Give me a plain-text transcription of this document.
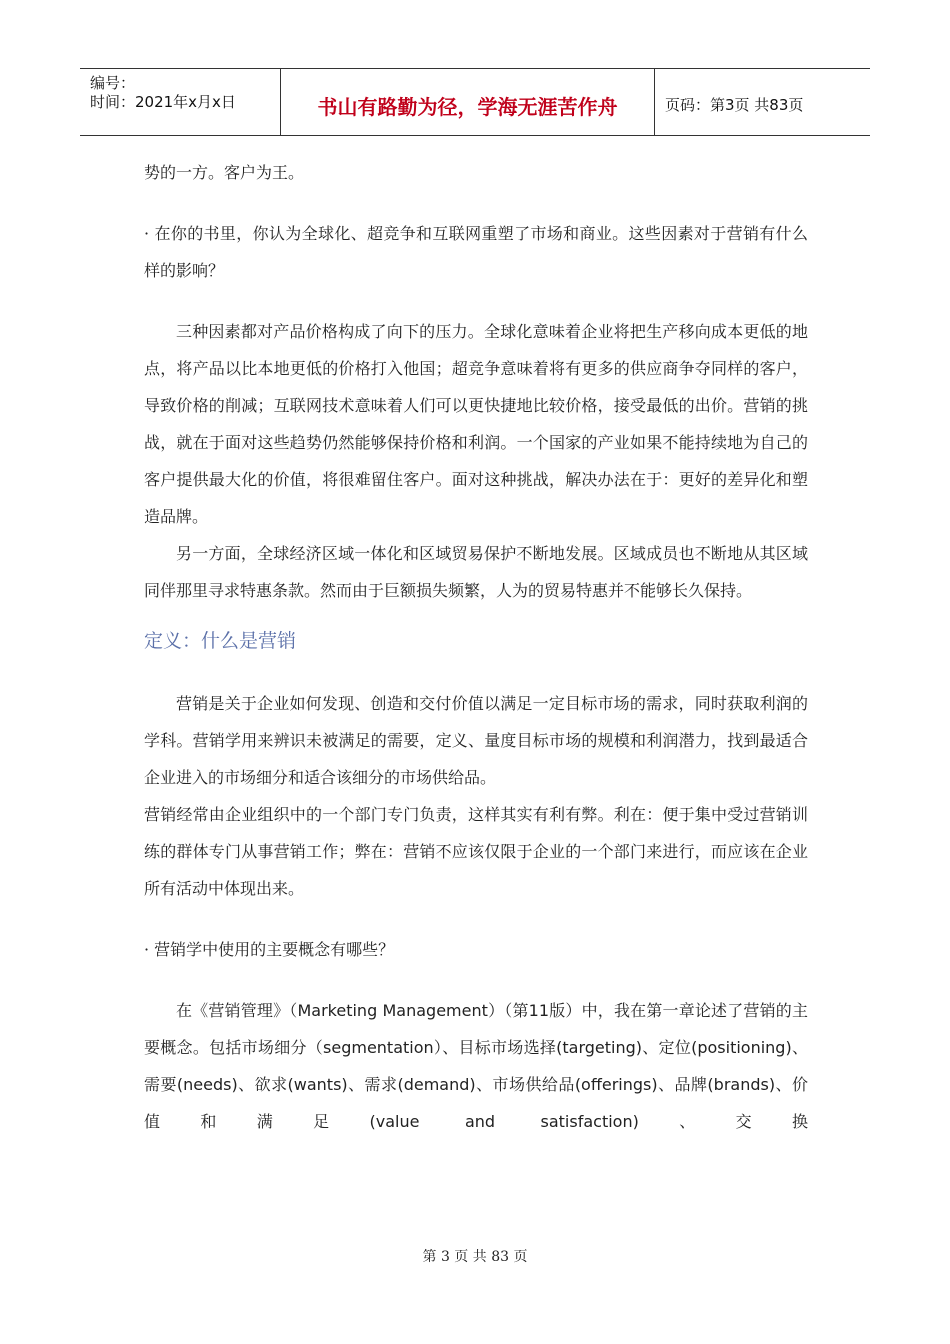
编号：
时间：2021年x月x日	书山有路勤为径，学海无涯苦作舟	页码：第3页 共83页

势的一方。客户为王。

· 在你的书里，你认为全球化、超竞争和互联网重塑了市场和商业。这些因素对于营销有什么样的影响？

三种因素都对产品价格构成了向下的压力。全球化意味着企业将把生产移向成本更低的地点，将产品以比本地更低的价格打入他国；超竞争意味着将有更多的供应商争夺同样的客户，导致价格的削减；互联网技术意味着人们可以更快捷地比较价格，接受最低的出价。营销的挑战，就在于面对这些趋势仍然能够保持价格和利润。一个国家的产业如果不能持续地为自己的客户提供最大化的价值，将很难留住客户。面对这种挑战，解决办法在于：更好的差异化和塑造品牌。

另一方面，全球经济区域一体化和区域贸易保护不断地发展。区域成员也不断地从其区域同伴那里寻求特惠条款。然而由于巨额损失频繁，人为的贸易特惠并不能够长久保持。

定义：什么是营销

营销是关于企业如何发现、创造和交付价值以满足一定目标市场的需求，同时获取利润的学科。营销学用来辨识未被满足的需要，定义、量度目标市场的规模和利润潜力，找到最适合企业进入的市场细分和适合该细分的市场供给品。

营销经常由企业组织中的一个部门专门负责，这样其实有利有弊。利在：便于集中受过营销训练的群体专门从事营销工作；弊在：营销不应该仅限于企业的一个部门来进行，而应该在企业所有活动中体现出来。

· 营销学中使用的主要概念有哪些？

在《营销管理》（Marketing Management）（第11版）中，我在第一章论述了营销的主要概念。包括市场细分（segmentation）、目标市场选择(targeting)、定位(positioning)、需要(needs)、欲求(wants)、需求(demand)、市场供给品(offerings)、品牌(brands)、价值和满足(value and satisfaction)、交换

第 3 页 共 83 页
